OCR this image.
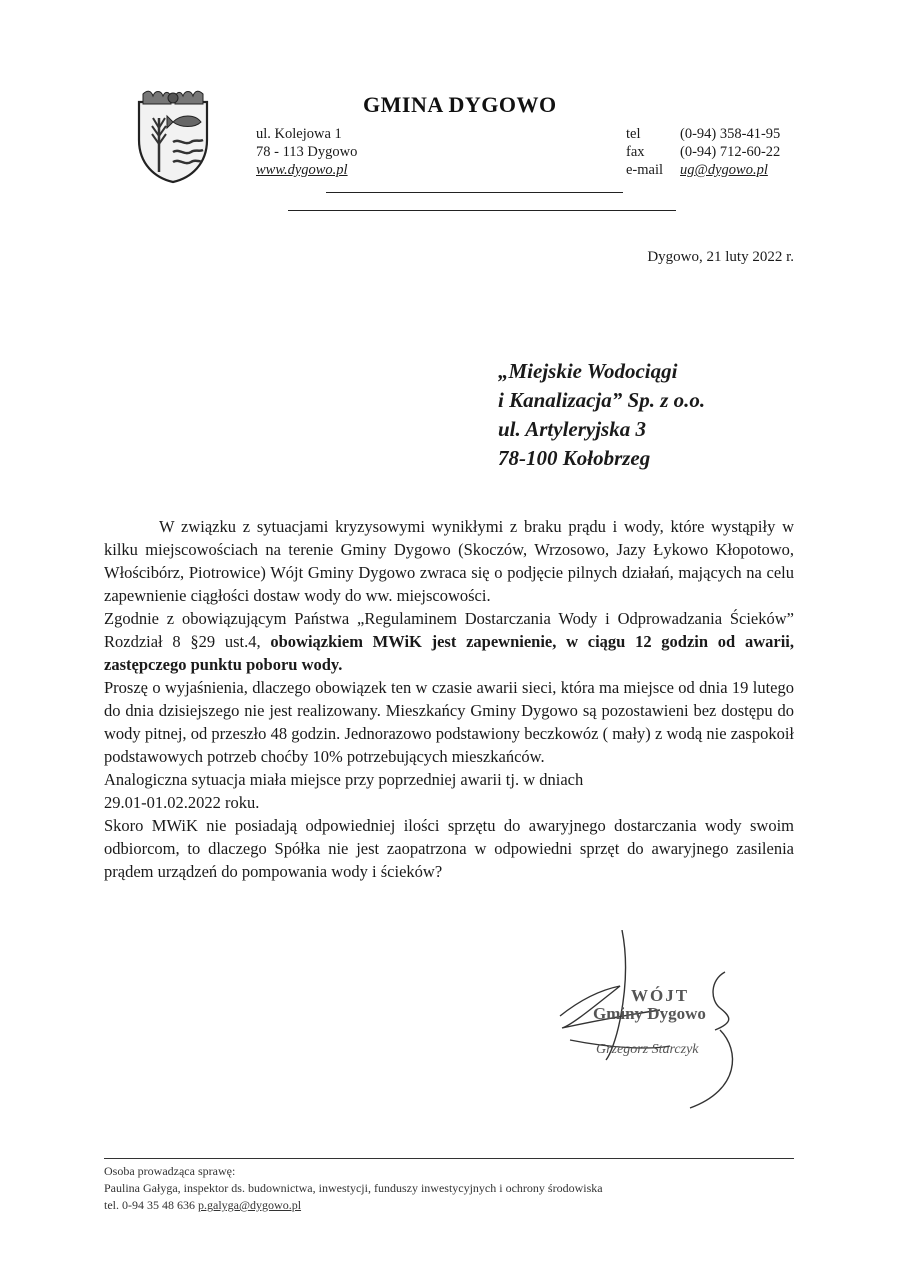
GMINA DYGOWO
ul. Kolejowa 1
78 - 113 Dygowo
www.dygowo.pl
tel	(0-94) 358-41-95
fax	(0-94) 712-60-22
e-mail	ug@dygowo.pl
Dygowo, 21 luty 2022 r.
„Miejskie Wodociągi
i Kanalizacja” Sp. z o.o.
ul. Artyleryjska 3
78-100 Kołobrzeg

W związku z sytuacjami kryzysowymi wynikłymi z braku prądu i wody, które wystąpiły w kilku miejscowościach na terenie Gminy Dygowo (Skoczów, Wrzosowo, Jazy Łykowo Kłopotowo, Włościbórz, Piotrowice) Wójt Gminy Dygowo zwraca się o podjęcie pilnych działań, mających na celu zapewnienie ciągłości dostaw wody do ww. miejscowości.

Zgodnie z obowiązującym Państwa „Regulaminem Dostarczania Wody i Odprowadzania Ścieków” Rozdział 8 §29 ust.4, obowiązkiem MWiK jest zapewnienie, w ciągu 12 godzin od awarii, zastępczego punktu poboru wody.

Proszę o wyjaśnienia, dlaczego obowiązek ten w czasie awarii sieci, która ma miejsce od dnia 19 lutego do dnia dzisiejszego nie jest realizowany. Mieszkańcy Gminy Dygowo są pozostawieni bez dostępu do wody pitnej, od przeszło 48 godzin. Jednorazowo podstawiony beczkowóz ( mały) z wodą nie zaspokoił podstawowych potrzeb choćby 10% potrzebujących mieszkańców.

Analogiczna sytuacja miała miejsce przy poprzedniej awarii tj. w dniach

29.01-01.02.2022 roku.

Skoro MWiK nie posiadają odpowiedniej ilości sprzętu do awaryjnego dostarczania wody swoim odbiorcom, to dlaczego Spółka nie jest zaopatrzona w odpowiedni sprzęt do awaryjnego zasilenia prądem urządzeń do pompowania wody i ścieków?

WÓJT
Gminy Dygowo
Grzegorz Starczyk
Osoba prowadząca sprawę:
Paulina Gałyga, inspektor ds. budownictwa, inwestycji, funduszy inwestycyjnych i ochrony środowiska
tel. 0-94 35 48 636 p.galyga@dygowo.pl
